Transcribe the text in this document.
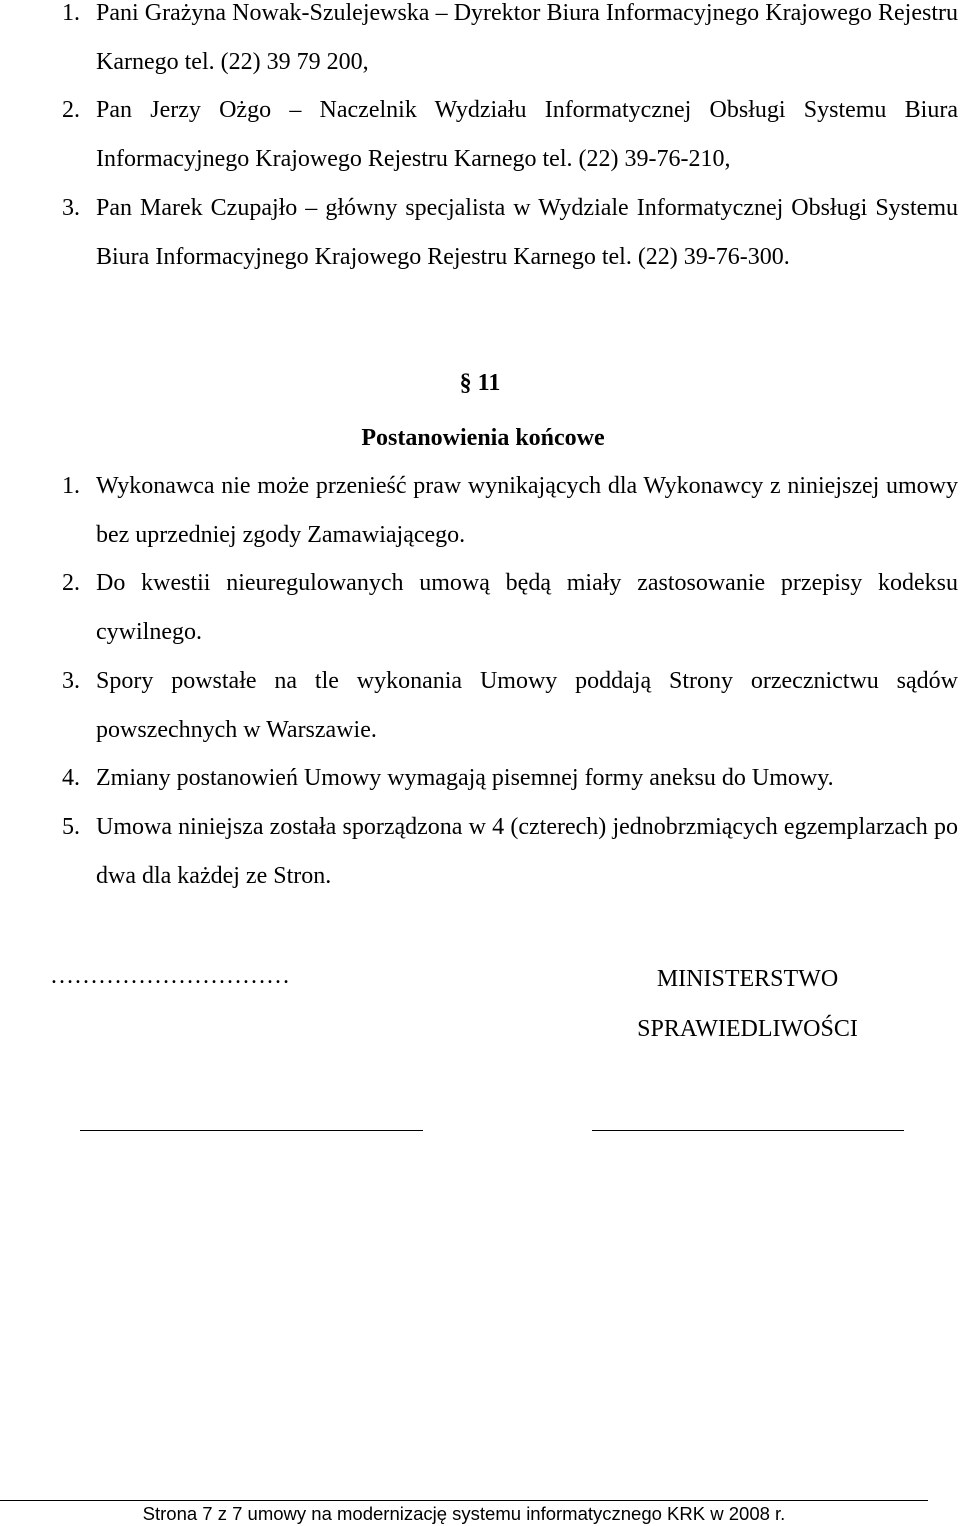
1. Pani Grażyna Nowak-Szulejewska – Dyrektor Biura Informacyjnego Krajowego Rejestru Karnego tel. (22) 39 79 200,
2. Pan Jerzy Ożgo – Naczelnik Wydziału Informatycznej Obsługi Systemu Biura Informacyjnego Krajowego Rejestru Karnego tel. (22) 39-76-210,
3. Pan Marek Czupajło – główny specjalista w Wydziale Informatycznej Obsługi Systemu Biura Informacyjnego Krajowego Rejestru Karnego tel. (22) 39-76-300.
§ 11
Postanowienia końcowe
1. Wykonawca nie może przenieść praw wynikających dla Wykonawcy z niniejszej umowy bez uprzedniej zgody Zamawiającego.
2. Do kwestii nieuregulowanych umową będą miały zastosowanie przepisy kodeksu cywilnego.
3. Spory powstałe na tle wykonania Umowy poddają Strony orzecznictwu sądów powszechnych w Warszawie.
4. Zmiany postanowień Umowy wymagają pisemnej formy aneksu do Umowy.
5. Umowa niniejsza została sporządzona w 4 (czterech) jednobrzmiących egzemplarzach po dwa dla każdej ze Stron.
…………………………	MINISTERSTWO
SPRAWIEDLIWOŚCI
Strona 7 z 7 umowy na modernizację systemu informatycznego KRK w 2008 r.
